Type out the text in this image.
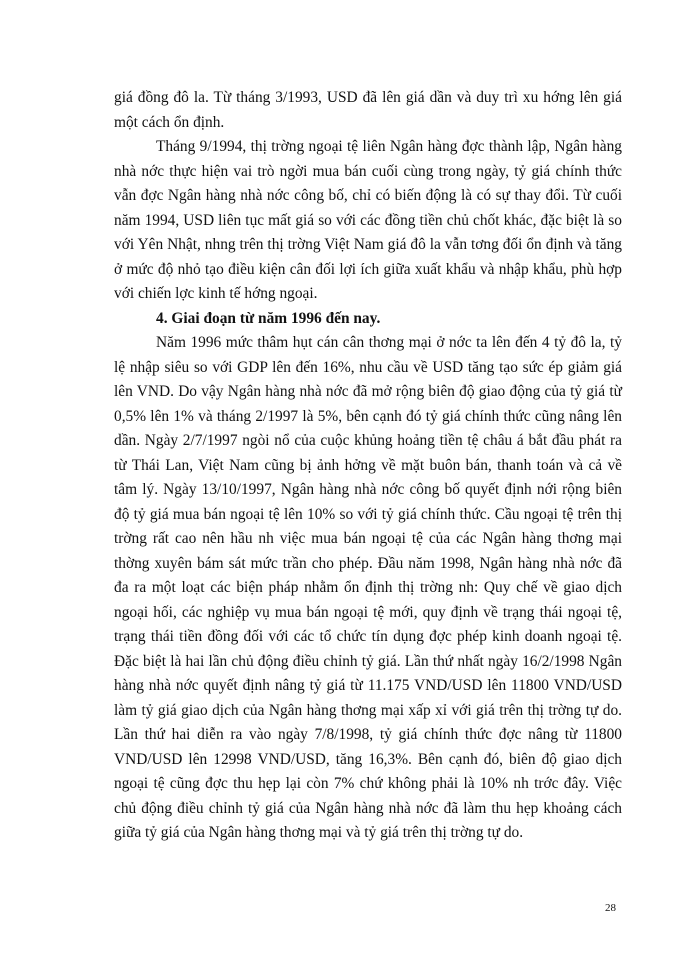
giá đồng đô la. Từ tháng 3/1993, USD đã lên giá dần và duy trì xu hớng lên giá một cách ổn định.

Tháng 9/1994, thị trờng ngoại tệ liên Ngân hàng đợc thành lập, Ngân hàng nhà nớc thực hiện vai trò ngời mua bán cuối cùng trong ngày, tỷ giá chính thức vẫn đợc Ngân hàng nhà nớc công bố, chỉ có biến động là có sự thay đổi. Từ cuối năm 1994, USD liên tục mất giá so với các đồng tiền chủ chốt khác, đặc biệt là so với Yên Nhật, nhng trên thị trờng Việt Nam giá đô la vẫn tơng đối ổn định và tăng ở mức độ nhỏ tạo điều kiện cân đối lợi ích giữa xuất khẩu và nhập khẩu, phù hợp với chiến lợc kinh tế hớng ngoại.

4. Giai đoạn từ năm 1996 đến nay.

Năm 1996 mức thâm hụt cán cân thơng mại ở nớc ta lên đến 4 tỷ đô la, tỷ lệ nhập siêu so với GDP lên đến 16%, nhu cầu về USD tăng tạo sức ép giảm giá lên VND. Do vậy Ngân hàng nhà nớc đã mở rộng biên độ giao động của tỷ giá từ 0,5% lên 1% và tháng 2/1997 là 5%, bên cạnh đó tỷ giá chính thức cũng nâng lên dần. Ngày 2/7/1997 ngòi nổ của cuộc khủng hoảng tiền tệ châu á bắt đầu phát ra từ Thái Lan, Việt Nam cũng bị ảnh hởng về mặt buôn bán, thanh toán và cả về tâm lý. Ngày 13/10/1997, Ngân hàng nhà nớc công bố quyết định nới rộng biên độ tỷ giá mua bán ngoại tệ lên 10% so với tỷ giá chính thức. Cầu ngoại tệ trên thị trờng rất cao nên hầu nh việc mua bán ngoại tệ của các Ngân hàng thơng mại thờng xuyên bám sát mức trần cho phép. Đầu năm 1998, Ngân hàng nhà nớc đã đa ra một loạt các biện pháp nhằm ổn định thị trờng nh: Quy chế về giao dịch ngoại hối, các nghiệp vụ mua bán ngoại tệ mới, quy định về trạng thái ngoại tệ, trạng thái tiền đồng đối với các tổ chức tín dụng đợc phép kinh doanh ngoại tệ. Đặc biệt là hai lần chủ động điều chỉnh tỷ giá. Lần thứ nhất ngày 16/2/1998 Ngân hàng nhà nớc quyết định nâng tỷ giá từ 11.175 VND/USD lên 11800 VND/USD làm tỷ giá giao dịch của Ngân hàng thơng mại xấp xỉ với giá trên thị trờng tự do. Lần thứ hai diễn ra vào ngày 7/8/1998, tỷ giá chính thức đợc nâng từ 11800 VND/USD lên 12998 VND/USD, tăng 16,3%. Bên cạnh đó, biên độ giao dịch ngoại tệ cũng đợc thu hẹp lại còn 7% chứ không phải là 10% nh trớc đây. Việc chủ động điều chỉnh tỷ giá của Ngân hàng nhà nớc đã làm thu hẹp khoảng cách giữa tỷ giá của Ngân hàng thơng mại và tỷ giá trên thị trờng tự do.

28
